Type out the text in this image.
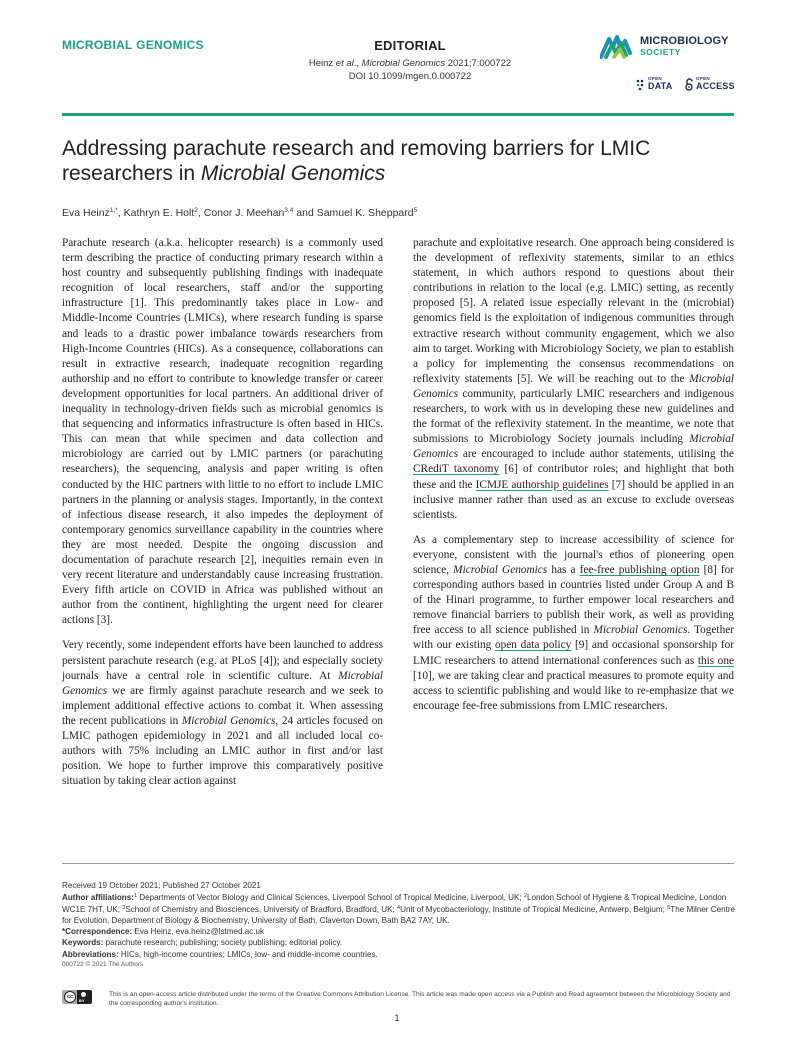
MICROBIAL GENOMICS	EDITORIAL
Heinz et al., Microbial Genomics 2021;7:000722
DOI 10.1099/mgen.0.000722
MICROBIOLOGY
SOCIETY
OPEN
DATA
OPEN
ACCESS
Addressing parachute research and removing barriers for LMIC researchers in Microbial Genomics
Eva Heinz$^{1,*}$, Kathryn E. Holt$^2$, Conor J. Meehan$^{3,4}$ and Samuel K. Sheppard$^5$

Parachute research (a.k.a. helicopter research) is a commonly used term describing the practice of conducting primary research within a host country and subsequently publishing findings with inadequate recognition of local researchers, staff and/or the supporting infrastructure [1]. This predominantly takes place in Low- and Middle-Income Countries (LMICs), where research funding is sparse and leads to a drastic power imbalance towards researchers from High-Income Countries (HICs). As a consequence, collaborations can result in extractive research, inadequate recognition regarding authorship and no effort to contribute to knowledge transfer or career development opportunities for local partners. An additional driver of inequality in technology-driven fields such as microbial genomics is that sequencing and informatics infrastructure is often based in HICs. This can mean that while specimen and data collection and microbiology are carried out by LMIC partners (or parachuting researchers), the sequencing, analysis and paper writing is often conducted by the HIC partners with little to no effort to include LMIC partners in the planning or analysis stages. Importantly, in the context of infectious disease research, it also impedes the deployment of contemporary genomics surveillance capability in the countries where they are most needed. Despite the ongoing discussion and documentation of parachute research [2], inequities remain even in very recent literature and understandably cause increasing frustration. Every fifth article on COVID in Africa was published without an author from the continent, highlighting the urgent need for clearer actions [3].

Very recently, some independent efforts have been launched to address persistent parachute research (e.g. at PLoS [4]); and especially society journals have a central role in scientific culture. At Microbial Genomics we are firmly against parachute research and we seek to implement additional effective actions to combat it. When assessing the recent publications in Microbial Genomics, 24 articles focused on LMIC pathogen epidemiology in 2021 and all included local co-authors with 75% including an LMIC author in first and/or last position. We hope to further improve this comparatively positive situation by taking clear action against

parachute and exploitative research. One approach being considered is the development of reflexivity statements, similar to an ethics statement, in which authors respond to questions about their contributions in relation to the local (e.g. LMIC) setting, as recently proposed [5]. A related issue especially relevant in the (microbial) genomics field is the exploitation of indigenous communities through extractive research without community engagement, which we also aim to target. Working with Microbiology Society, we plan to establish a policy for implementing the consensus recommendations on reflexivity statements [5]. We will be reaching out to the Microbial Genomics community, particularly LMIC researchers and indigenous researchers, to work with us in developing these new guidelines and the format of the reflexivity statement. In the meantime, we note that submissions to Microbiology Society journals including Microbial Genomics are encouraged to include author statements, utilising the CRediT taxonomy [6] of contributor roles; and highlight that both these and the ICMJE authorship guidelines [7] should be applied in an inclusive manner rather than used as an excuse to exclude overseas scientists.

As a complementary step to increase accessibility of science for everyone, consistent with the journal's ethos of pioneering open science, Microbial Genomics has a fee-free publishing option [8] for corresponding authors based in countries listed under Group A and B of the Hinari programme, to further empower local researchers and remove financial barriers to publish their work, as well as providing free access to all science published in Microbial Genomics. Together with our existing open data policy [9] and occasional sponsorship for LMIC researchers to attend international conferences such as this one [10], we are taking clear and practical measures to promote equity and access to scientific publishing and would like to re-emphasize that we encourage fee-free submissions from LMIC researchers.

Received 19 October 2021; Published 27 October 2021
Author affiliations:$^1$ Departments of Vector Biology and Clinical Sciences, Liverpool School of Tropical Medicine, Liverpool, UK; $^2$London School of Hygiene & Tropical Medicine, London WC1E 7HT, UK; $^3$School of Chemistry and Biosciences, University of Bradford, Bradford, UK; $^4$Unit of Mycobacteriology, Institute of Tropical Medicine, Antwerp, Belgium; $^5$The Milner Centre for Evolution, Department of Biology & Biochemistry, University of Bath, Claverton Down, Bath BA2 7AY, UK.
*Correspondence: Eva Heinz, eva.heinz@lstmed.ac.uk
Keywords: parachute research; publishing; society publishing; editorial policy.
Abbreviations: HICs, high-income countries; LMICs, low- and middle-income countries.
000722 © 2021 The Authors
cc
BY
This is an open-access article distributed under the terms of the Creative Commons Attribution License. This article was made open access via a Publish and Read agreement between the Microbiology Society and the corresponding author's institution.
1
